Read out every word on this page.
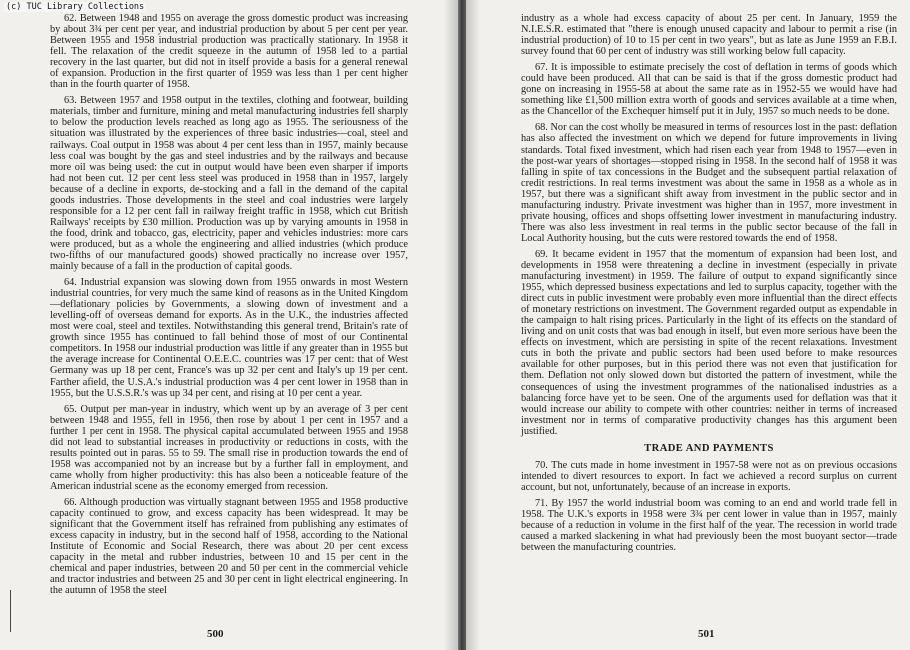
(c) TUC Library Collections

62. Between 1948 and 1955 on average the gross domestic product was increasing by about 3¾ per cent per year, and industrial production by about 5 per cent per year. Between 1955 and 1958 industrial production was practically stationary. In 1958 it fell. The relaxation of the credit squeeze in the autumn of 1958 led to a partial recovery in the last quarter, but did not in itself provide a basis for a general renewal of expansion. Production in the first quarter of 1959 was less than 1 per cent higher than in the fourth quarter of 1958.

63. Between 1957 and 1958 output in the textiles, clothing and footwear, building materials, timber and furniture, mining and metal manufacturing industries fell sharply to below the production levels reached as long ago as 1955. The seriousness of the situation was illustrated by the experiences of three basic industries—coal, steel and railways. Coal output in 1958 was about 4 per cent less than in 1957, mainly because less coal was bought by the gas and steel industries and by the railways and because more oil was being used: the cut in output would have been even sharper if imports had not been cut. 12 per cent less steel was produced in 1958 than in 1957, largely because of a decline in exports, de-stocking and a fall in the demand of the capital goods industries. Those developments in the steel and coal industries were largely responsible for a 12 per cent fall in railway freight traffic in 1958, which cut British Railways' receipts by £30 million. Production was up by varying amounts in 1958 in the food, drink and tobacco, gas, electricity, paper and vehicles industries: more cars were produced, but as a whole the engineering and allied industries (which produce two-fifths of our manufactured goods) showed practically no increase over 1957, mainly because of a fall in the production of capital goods.

64. Industrial expansion was slowing down from 1955 onwards in most Western industrial countries, for very much the same kind of reasons as in the United Kingdom—deflationary policies by Governments, a slowing down of investment and a levelling-off of overseas demand for exports. As in the U.K., the industries affected most were coal, steel and textiles. Notwithstanding this general trend, Britain's rate of growth since 1955 has continued to fall behind those of most of our Continental competitors. In 1958 our industrial production was little if any greater than in 1955 but the average increase for Continental O.E.E.C. countries was 17 per cent: that of West Germany was up 18 per cent, France's was up 32 per cent and Italy's up 19 per cent. Farther afield, the U.S.A.'s industrial production was 4 per cent lower in 1958 than in 1955, but the U.S.S.R.'s was up 34 per cent, and rising at 10 per cent a year.

65. Output per man-year in industry, which went up by an average of 3 per cent between 1948 and 1955, fell in 1956, then rose by about 1 per cent in 1957 and a further 1 per cent in 1958. The physical capital accumulated between 1955 and 1958 did not lead to substantial increases in productivity or reductions in costs, with the results pointed out in paras. 55 to 59. The small rise in production towards the end of 1958 was accompanied not by an increase but by a further fall in employment, and came wholly from higher productivity: this has also been a noticeable feature of the American industrial scene as the economy emerged from recession.

66. Although production was virtually stagnant between 1955 and 1958 productive capacity continued to grow, and excess capacity has been widespread. It may be significant that the Government itself has refrained from publishing any estimates of excess capacity in industry, but in the second half of 1958, according to the National Institute of Economic and Social Research, there was about 20 per cent excess capacity in the metal and rubber industries, between 10 and 15 per cent in the chemical and paper industries, between 20 and 50 per cent in the commercial vehicle and tractor industries and between 25 and 30 per cent in light electrical engineering. In the autumn of 1958 the steel

500

industry as a whole had excess capacity of about 25 per cent. In January, 1959 the N.I.E.S.R. estimated that "there is enough unused capacity and labour to permit a rise (in industrial production) of 10 to 15 per cent in two years", but as late as June 1959 an F.B.I. survey found that 60 per cent of industry was still working below full capacity.

67. It is impossible to estimate precisely the cost of deflation in terms of goods which could have been produced. All that can be said is that if the gross domestic product had gone on increasing in 1955-58 at about the same rate as in 1952-55 we would have had something like £1,500 million extra worth of goods and services available at a time when, as the Chancellor of the Exchequer himself put it in July, 1957 so much needs to be done.

68. Nor can the cost wholly be measured in terms of resources lost in the past: deflation has also affected the investment on which we depend for future improvements in living standards. Total fixed investment, which had risen each year from 1948 to 1957—even in the post-war years of shortages—stopped rising in 1958. In the second half of 1958 it was falling in spite of tax concessions in the Budget and the subsequent partial relaxation of credit restrictions. In real terms investment was about the same in 1958 as a whole as in 1957, but there was a significant shift away from investment in the public sector and in manufacturing industry. Private investment was higher than in 1957, more investment in private housing, offices and shops offsetting lower investment in manufacturing industry. There was also less investment in real terms in the public sector because of the fall in Local Authority housing, but the cuts were restored towards the end of 1958.

69. It became evident in 1957 that the momentum of expansion had been lost, and developments in 1958 were threatening a decline in investment (especially in private manufacturing investment) in 1959. The failure of output to expand significantly since 1955, which depressed business expectations and led to surplus capacity, together with the direct cuts in public investment were probably even more influential than the direct effects of monetary restrictions on investment. The Government regarded output as expendable in the campaign to halt rising prices. Particularly in the light of its effects on the standard of living and on unit costs that was bad enough in itself, but even more serious have been the effects on investment, which are persisting in spite of the recent relaxations. Investment cuts in both the private and public sectors had been used before to make resources available for other purposes, but in this period there was not even that justification for them. Deflation not only slowed down but distorted the pattern of investment, while the consequences of using the investment programmes of the nationalised industries as a balancing force have yet to be seen. One of the arguments used for deflation was that it would increase our ability to compete with other countries: neither in terms of increased investment nor in terms of comparative productivity changes has this argument been justified.

TRADE AND PAYMENTS

70. The cuts made in home investment in 1957-58 were not as on previous occasions intended to divert resources to export. In fact we achieved a record surplus on current account, but not, unfortunately, because of an increase in exports.

71. By 1957 the world industrial boom was coming to an end and world trade fell in 1958. The U.K.'s exports in 1958 were 3¾ per cent lower in value than in 1957, mainly because of a reduction in volume in the first half of the year. The recession in world trade caused a marked slackening in what had previously been the most buoyant sector—trade between the manufacturing countries.

501
